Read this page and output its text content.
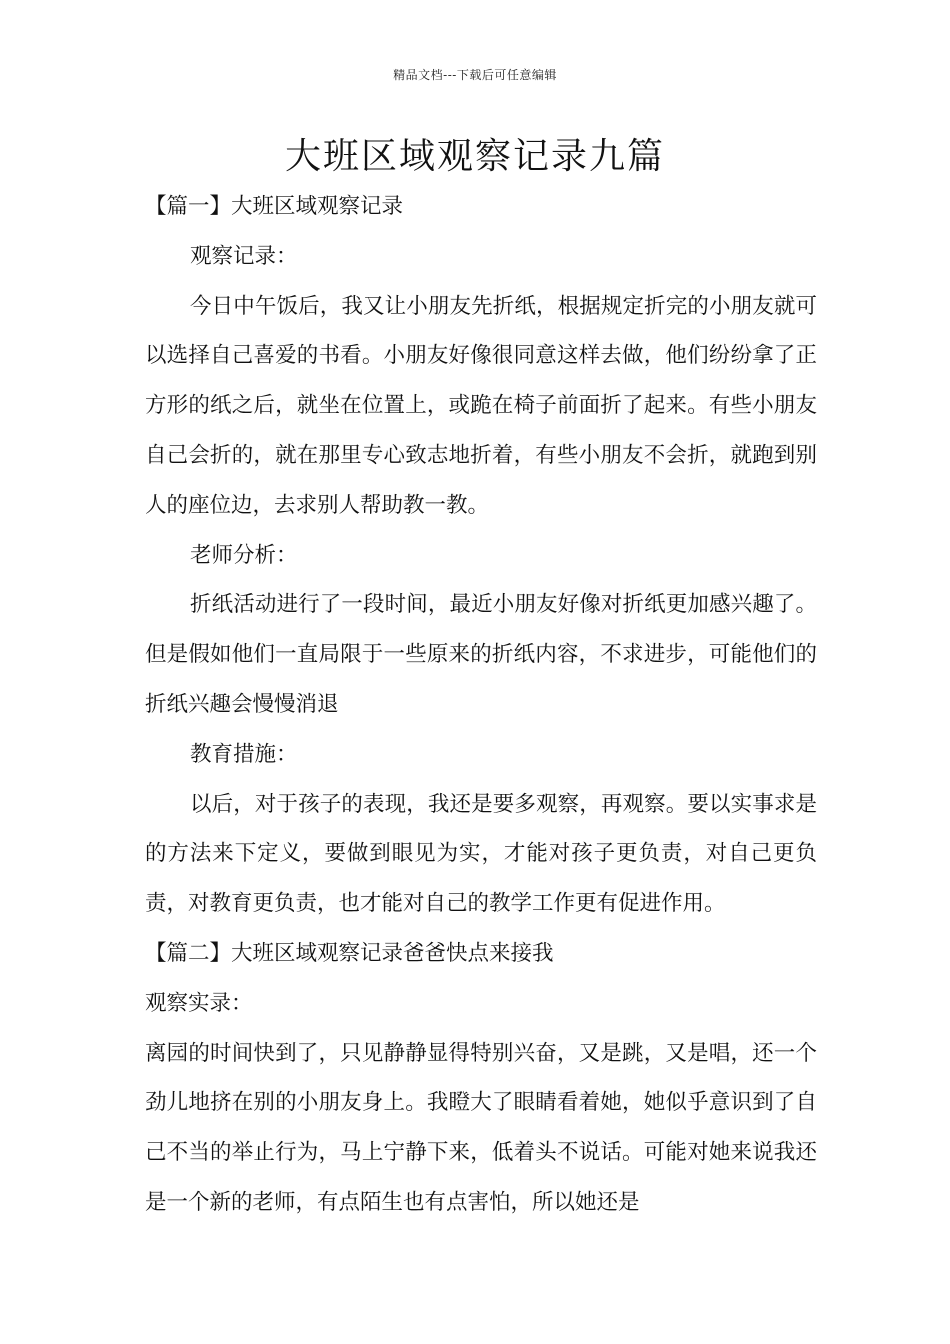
精品文档---下载后可任意编辑
大班区域观察记录九篇

【篇一】大班区域观察记录

观察记录：

今日中午饭后，我又让小朋友先折纸，根据规定折完的小朋友就可以选择自己喜爱的书看。小朋友好像很同意这样去做，他们纷纷拿了正方形的纸之后，就坐在位置上，或跪在椅子前面折了起来。有些小朋友自己会折的，就在那里专心致志地折着，有些小朋友不会折，就跑到别人的座位边，去求别人帮助教一教。

老师分析：

折纸活动进行了一段时间，最近小朋友好像对折纸更加感兴趣了。但是假如他们一直局限于一些原来的折纸内容，不求进步，可能他们的折纸兴趣会慢慢消退

教育措施：

以后，对于孩子的表现，我还是要多观察，再观察。要以实事求是的方法来下定义，要做到眼见为实，才能对孩子更负责，对自己更负责，对教育更负责，也才能对自己的教学工作更有促进作用。

【篇二】大班区域观察记录爸爸快点来接我

观察实录：

离园的时间快到了，只见静静显得特别兴奋，又是跳，又是唱，还一个劲儿地挤在别的小朋友身上。我瞪大了眼睛看着她，她似乎意识到了自己不当的举止行为，马上宁静下来，低着头不说话。可能对她来说我还是一个新的老师，有点陌生也有点害怕，所以她还是
